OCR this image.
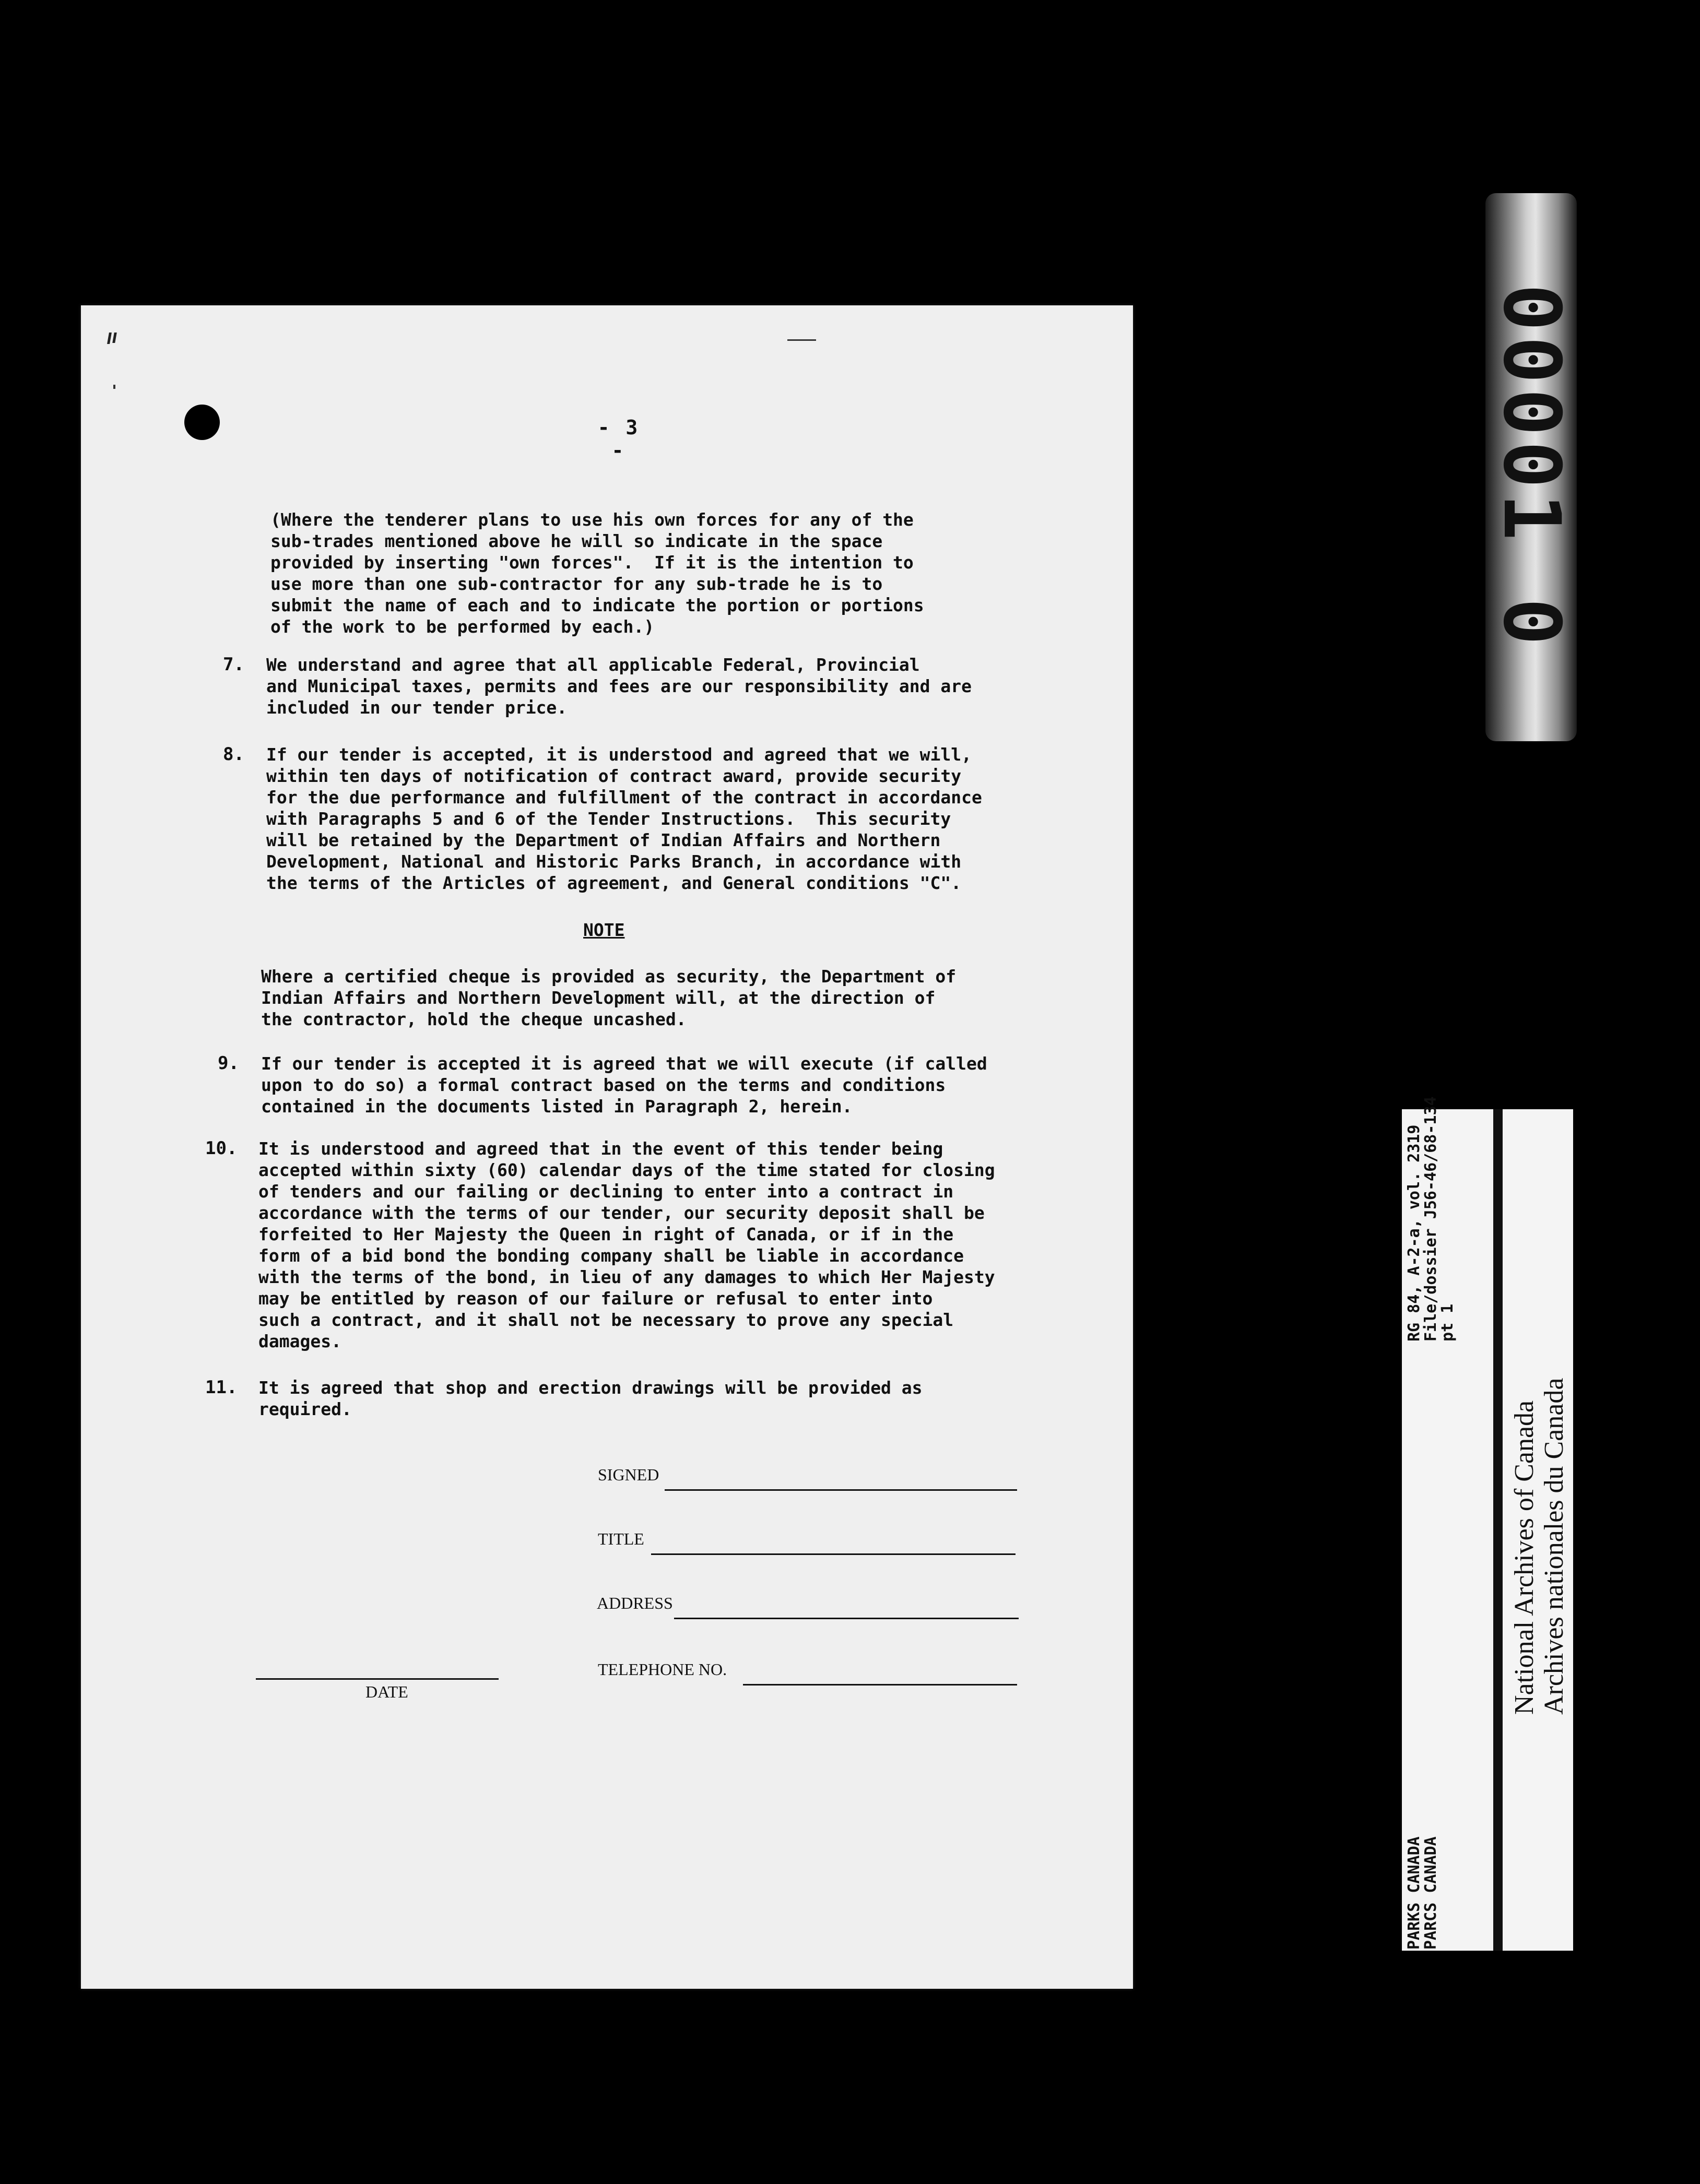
- 3 -
(Where the tenderer plans to use his own forces for any of the
sub-trades mentioned above he will so indicate in the space
provided by inserting "own forces".  If it is the intention to
use more than one sub-contractor for any sub-trade he is to
submit the name of each and to indicate the portion or portions
of the work to be performed by each.)
7. We understand and agree that all applicable Federal, Provincial
and Municipal taxes, permits and fees are our responsibility and are
included in our tender price.
8. If our tender is accepted, it is understood and agreed that we will,
within ten days of notification of contract award, provide security
for the due performance and fulfillment of the contract in accordance
with Paragraphs 5 and 6 of the Tender Instructions.  This security
will be retained by the Department of Indian Affairs and Northern
Development, National and Historic Parks Branch, in accordance with
the terms of the Articles of agreement, and General conditions "C".
NOTE
Where a certified cheque is provided as security, the Department of
Indian Affairs and Northern Development will, at the direction of
the contractor, hold the cheque uncashed.
9. If our tender is accepted it is agreed that we will execute (if called
upon to do so) a formal contract based on the terms and conditions
contained in the documents listed in Paragraph 2, herein.
10. It is understood and agreed that in the event of this tender being
accepted within sixty (60) calendar days of the time stated for closing
of tenders and our failing or declining to enter into a contract in
accordance with the terms of our tender, our security deposit shall be
forfeited to Her Majesty the Queen in right of Canada, or if in the
form of a bid bond the bonding company shall be liable in accordance
with the terms of the bond, in lieu of any damages to which Her Majesty
may be entitled by reason of our failure or refusal to enter into
such a contract, and it shall not be necessary to prove any special
damages.
11. It is agreed that shop and erection drawings will be provided as
required.
SIGNED
TITLE
ADDRESS
DATE
TELEPHONE NO.
00001 0
RG 84, A-2-a, vol. 2319
File/dossier J56-46/68-134
pt 1
PARKS CANADA
PARCS CANADA
National Archives of Canada Archives nationales du Canada
